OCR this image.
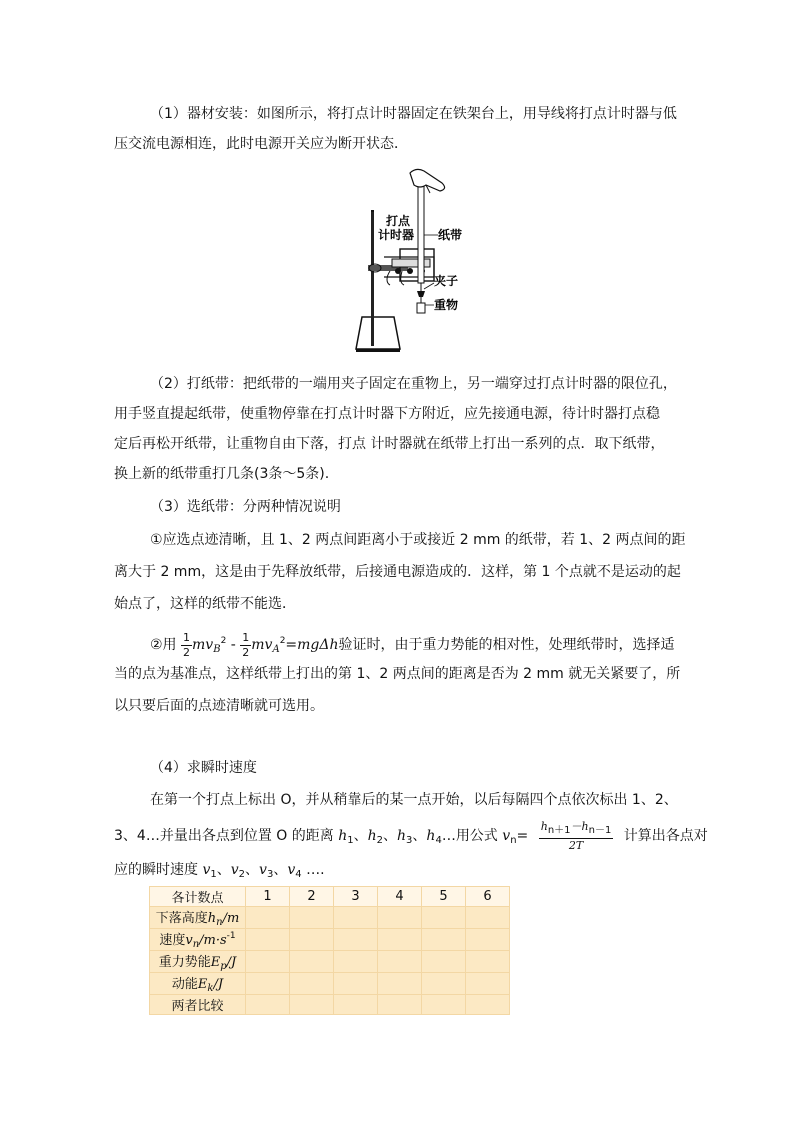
（1）器材安装：如图所示，将打点计时器固定在铁架台上，用导线将打点计时器与低
压交流电源相连，此时电源开关应为断开状态．
打点
计时器 纸带
夹子
重物
（2）打纸带：把纸带的一端用夹子固定在重物上，另一端穿过打点计时器的限位孔，
用手竖直提起纸带，使重物停靠在打点计时器下方附近，应先接通电源，待计时器打点稳
定后再松开纸带，让重物自由下落，打点 计时器就在纸带上打出一系列的点．取下纸带，
换上新的纸带重打几条(3条～5条).
（3）选纸带：分两种情况说明
①应选点迹清晰，且 1、2 两点间距离小于或接近 2 mm 的纸带，若 1、2 两点间的距
离大于 2 mm，这是由于先释放纸带，后接通电源造成的．这样，第 1 个点就不是运动的起
始点了，这样的纸带不能选．
②用 $\frac{1}{2} mv_B^2 - \frac{1}{2} mv_A^2=mg\Delta h$验证时，由于重力势能的相对性，处理纸带时，选择适
当的点为基准点，这样纸带上打出的第 1、2 两点间的距离是否为 2 mm 就无关紧要了，所
以只要后面的点迹清晰就可选用。
（4）求瞬时速度
在第一个打点上标出 O，并从稍靠后的某一点开始，以后每隔四个点依次标出 1、2、
3、4…并量出各点到位置 O 的距离 $h_1$、$h_2$、$h_3$、$h_4\dots$用公式 $v_n= \frac{hn+1-hn-1}{2T}$ 计算出各点对
应的瞬时速度 $v_1$、$v_2$、$v_3$、$v_4$ ….
各计数点	1	2	3	4	5	6
下落高度$h_n/m$						
速度$v_n/m\cdot s^{-1}$						
重力势能$E_p/J$						
动能$E_k/J$						
两者比较						
